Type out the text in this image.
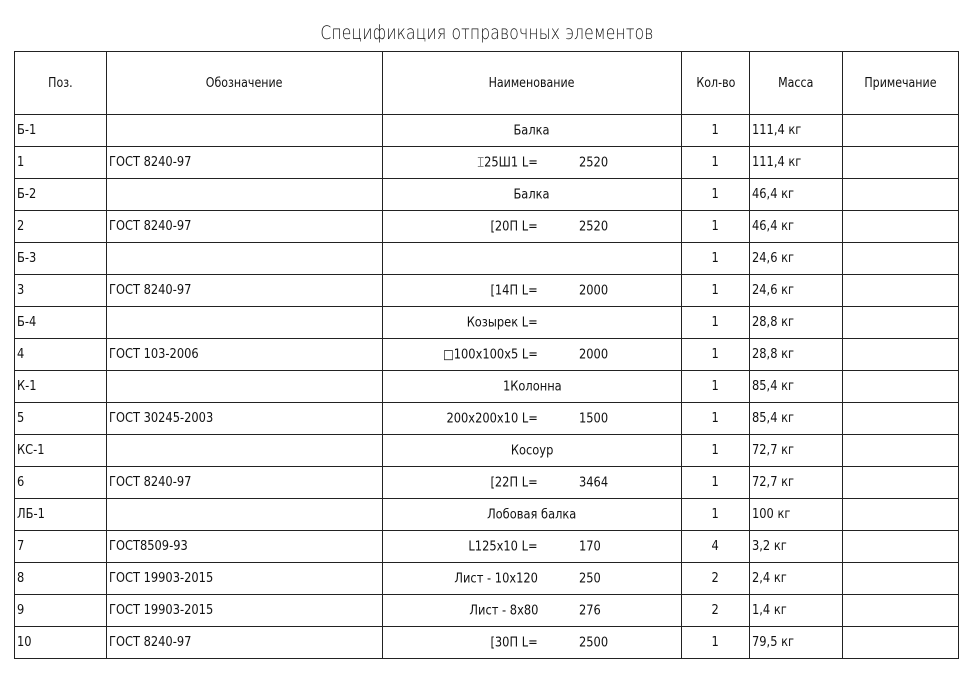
Спецификация отправочных элементов
Поз.	Обозначение	Наименование	Кол-во	Масса	Примечание
Б-1		Балка	1	111,4 кг	
1	ГОСТ 8240-97	⌶25Ш1 L= 2520	1	111,4 кг	
Б-2		Балка	1	46,4 кг	
2	ГОСТ 8240-97	[20П L= 2520	1	46,4 кг	
Б-3			1	24,6 кг	
3	ГОСТ 8240-97	[14П L= 2000	1	24,6 кг	
Б-4		Козырек L=	1	28,8 кг	
4	ГОСТ 103-2006	□100х100х5 L= 2000	1	28,8 кг	
К-1		1Колонна	1	85,4 кг	
5	ГОСТ 30245-2003	200х200х10 L= 1500	1	85,4 кг	
КС-1		Косоур	1	72,7 кг	
6	ГОСТ 8240-97	[22П L= 3464	1	72,7 кг	
ЛБ-1		Лобовая балка	1	100 кг	
7	ГОСТ8509-93	L125х10 L= 170	4	3,2 кг	
8	ГОСТ 19903-2015	Лист - 10х120 250	2	2,4 кг	
9	ГОСТ 19903-2015	Лист - 8х80 276	2	1,4 кг	
10	ГОСТ 8240-97	[30П L= 2500	1	79,5 кг	
